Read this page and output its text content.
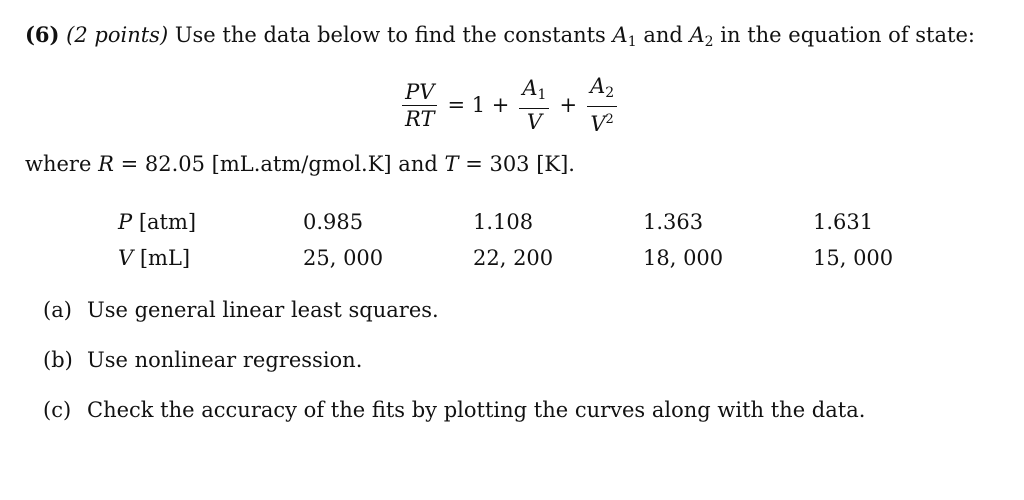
(6) (2 points) Use the data below to find the constants $A_1$ and $A_2$ in the equation of state:
$\frac{PV}{RT} = 1 + \frac{A_1}{V} + \frac{A_2}{V^2}$
where R = 82.05 [mL.atm/gmol.K] and T = 303 [K].
P [atm]	0.985	1.108	1.363	1.631
V [mL]	25, 000	22, 200	18, 000	15, 000
(a) Use general linear least squares.
(b) Use nonlinear regression.
(c) Check the accuracy of the fits by plotting the curves along with the data.
